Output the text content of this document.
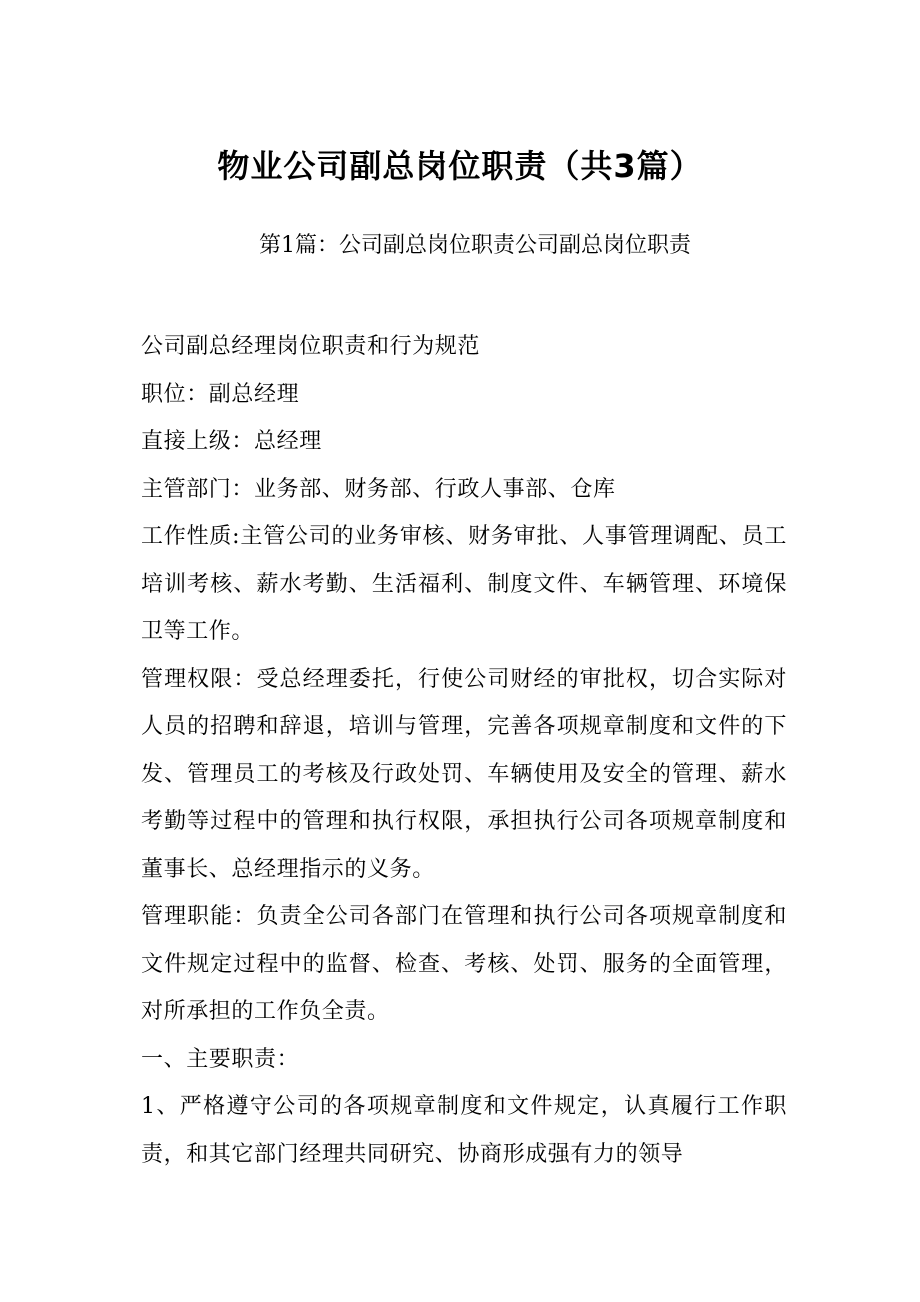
物业公司副总岗位职责（共3篇）

第1篇：公司副总岗位职责公司副总岗位职责

公司副总经理岗位职责和行为规范

职位：副总经理

直接上级：总经理

主管部门：业务部、财务部、行政人事部、仓库

工作性质:主管公司的业务审核、财务审批、人事管理调配、员工培训考核、薪水考勤、生活福利、制度文件、车辆管理、环境保卫等工作。

管理权限：受总经理委托，行使公司财经的审批权，切合实际对人员的招聘和辞退，培训与管理，完善各项规章制度和文件的下发、管理员工的考核及行政处罚、车辆使用及安全的管理、薪水考勤等过程中的管理和执行权限，承担执行公司各项规章制度和董事长、总经理指示的义务。

管理职能：负责全公司各部门在管理和执行公司各项规章制度和文件规定过程中的监督、检查、考核、处罚、服务的全面管理，对所承担的工作负全责。

一、主要职责：

1、严格遵守公司的各项规章制度和文件规定，认真履行工作职责，和其它部门经理共同研究、协商形成强有力的领导
